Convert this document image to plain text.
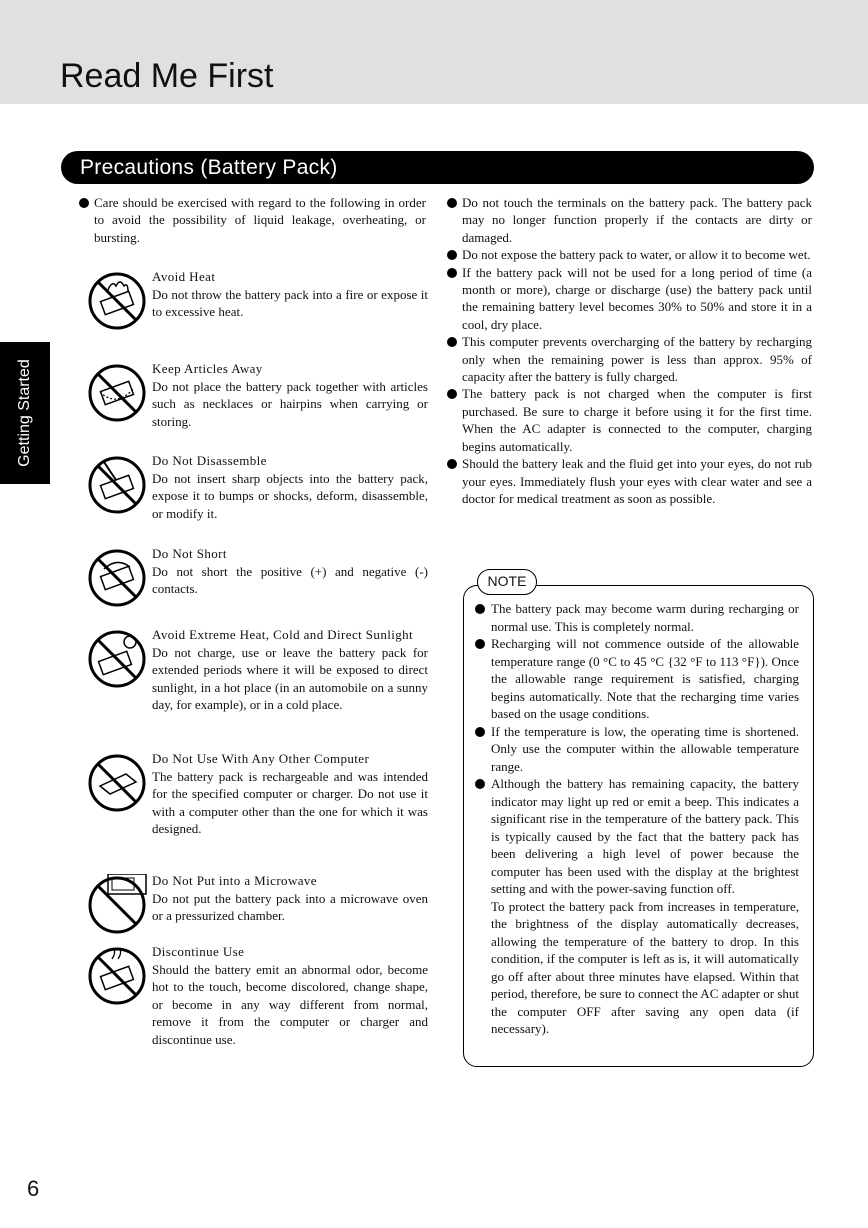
Read Me First
Precautions (Battery Pack)
Getting Started

Care should be exercised with regard to the following in order to avoid the possibility of liquid leakage, overheating, or bursting.

Avoid Heat
Do not throw the battery pack into a fire or expose it to excessive heat.
Keep Articles Away
Do not place the battery pack together with articles such as necklaces or hairpins when carrying or storing.
Do Not Disassemble
Do not insert sharp objects into the battery pack, expose it to bumps or shocks, deform, disassemble, or modify it.
Do Not Short
Do not short the positive (+) and negative (-) contacts.
Avoid Extreme Heat, Cold and Direct Sunlight
Do not charge, use or leave the battery pack for extended periods where it will be exposed to direct sunlight, in a hot place (in an automobile on a sunny day, for example), or in a cold place.
Do Not Use With Any Other Computer
The battery pack is rechargeable and was intended for the specified computer or charger. Do not use it with a computer other than the one for which it was designed.
Do Not Put into a Microwave
Do not put the battery pack into a microwave oven or a pressurized chamber.
Discontinue Use
Should the battery emit an abnormal odor, become hot to the touch, become discolored, change shape, or become in any way different from normal, remove it from the computer or charger and discontinue use.

Do not touch the terminals on the battery pack. The battery pack may no longer function properly if the contacts are dirty or damaged.

Do not expose the battery pack to water, or allow it to become wet.

If the battery pack will not be used for a long period of time (a month or more), charge or discharge (use) the battery pack until the remaining battery level becomes 30% to 50% and store it in a cool, dry place.

This computer prevents overcharging of the battery by recharging only when the remaining power is less than approx. 95% of capacity after the battery is fully charged.

The battery pack is not charged when the computer is first purchased. Be sure to charge it before using it for the first time. When the AC adapter is connected to the computer, charging begins automatically.

Should the battery leak and the fluid get into your eyes, do not rub your eyes. Immediately flush your eyes with clear water and see a doctor for medical treatment as soon as possible.

NOTE

The battery pack may become warm during recharging or normal use. This is completely normal.

Recharging will not commence outside of the allowable temperature range (0 °C to 45 °C {32 °F to 113 °F}). Once the allowable range requirement is satisfied, charging begins automatically. Note that the recharging time varies based on the usage conditions.

If the temperature is low, the operating time is shortened. Only use the computer within the allowable temperature range.

Although the battery has remaining capacity, the battery indicator may light up red or emit a beep. This indicates a significant rise in the temperature of the battery pack. This is typically caused by the fact that the battery pack has been delivering a high level of power because the computer has been used with the display at the brightest setting and with the power-saving function off.

To protect the battery pack from increases in temperature, the brightness of the display automatically decreases, allowing the temperature of the battery to drop. In this condition, if the computer is left as is, it will automatically go off after about three minutes have elapsed. Within that period, therefore, be sure to connect the AC adapter or shut the computer OFF after saving any open data (if necessary).

6
